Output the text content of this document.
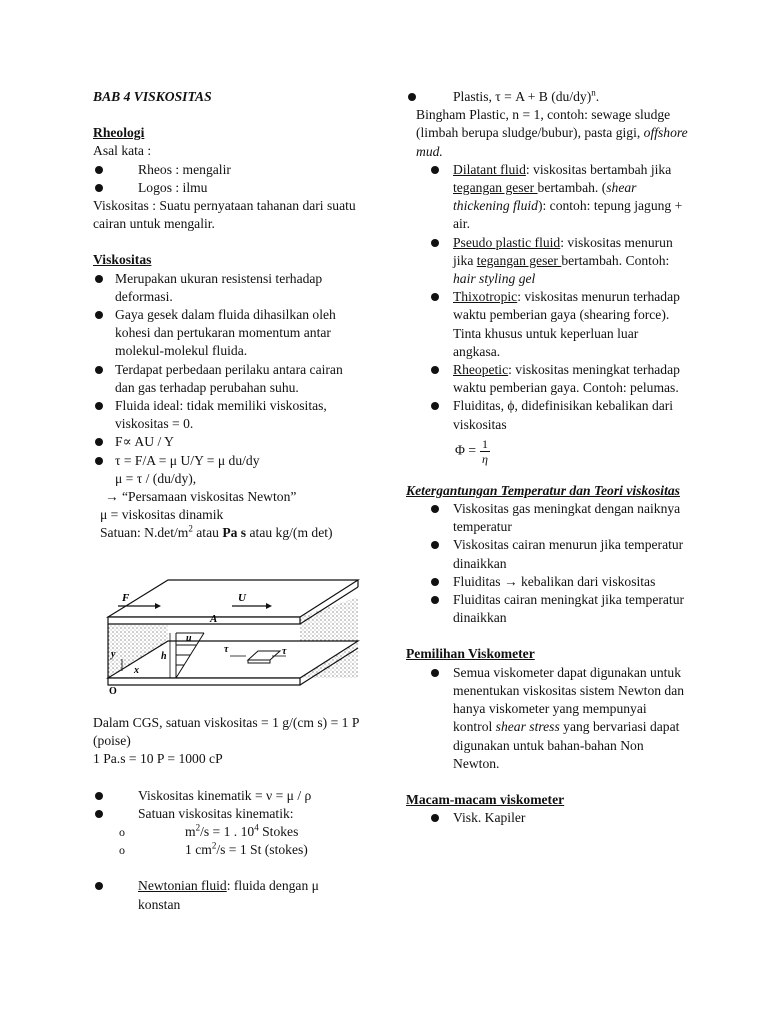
BAB 4 VISKOSITAS

Rheologi

Asal kata :

Rheos : mengalir

Logos : ilmu

Viskositas : Suatu pernyataan tahanan dari suatu cairan untuk mengalir.

Viskositas

Merupakan ukuran resistensi terhadap deformasi.

Gaya gesek dalam fluida dihasilkan oleh kohesi dan pertukaran momentum antar molekul-molekul fluida.

Terdapat perbedaan perilaku antara cairan dan gas terhadap perubahan suhu.

Fluida ideal: tidak memiliki viskositas, viskositas = 0.

F∝ AU / Y

τ = F/A = μ U/Y = μ du/dy

μ = τ / (du/dy),

→ “Persamaan viskositas Newton”

μ = viskositas dinamik

Satuan: $N.\det/m^2$ atau Pa s atau kg/(m det)

F	U
A
u
y	h
x
τ	τ
O

Dalam CGS, satuan viskositas = 1 g/(cm s) = 1 P (poise)

1 Pa.s = 10 P = 1000 cP

Viskositas kinematik = ν = μ / ρ

Satuan viskositas kinematik:

o $m^2/s = 1$ . $10^4$ Stokes

o 1 $cm^2/s = 1$ St (stokes)

Newtonian fluid: fluida dengan μ konstan

Plastis, τ = A + B $(du/dy)^n$.

Bingham Plastic, n = 1, contoh: sewage sludge (limbah berupa sludge/bubur), pasta gigi, offshore mud.

Dilatant fluid: viskositas bertambah jika tegangan geser bertambah. (shear thickening fluid): contoh: tepung jagung + air.

Pseudo plastic fluid: viskositas menurun jika tegangan geser bertambah. Contoh: hair styling gel

Thixotropic: viskositas menurun terhadap waktu pemberian gaya (shearing force). Tinta khusus untuk keperluan luar angkasa.

Rheopetic: viskositas meningkat terhadap waktu pemberian gaya. Contoh: pelumas.

Fluiditas, ϕ, didefinisikan kebalikan dari viskositas

$\Phi = \frac{1}{\eta}$

Ketergantungan Temperatur dan Teori viskositas

Viskositas gas meningkat dengan naiknya temperatur

Viskositas cairan menurun jika temperatur dinaikkan

Fluiditas → kebalikan dari viskositas

Fluiditas cairan meningkat jika temperatur dinaikkan

Pemilihan Viskometer

Semua viskometer dapat digunakan untuk menentukan viskositas sistem Newton dan hanya viskometer yang mempunyai kontrol shear stress yang bervariasi dapat digunakan untuk bahan-bahan Non Newton.

Macam-macam viskometer

Visk. Kapiler
